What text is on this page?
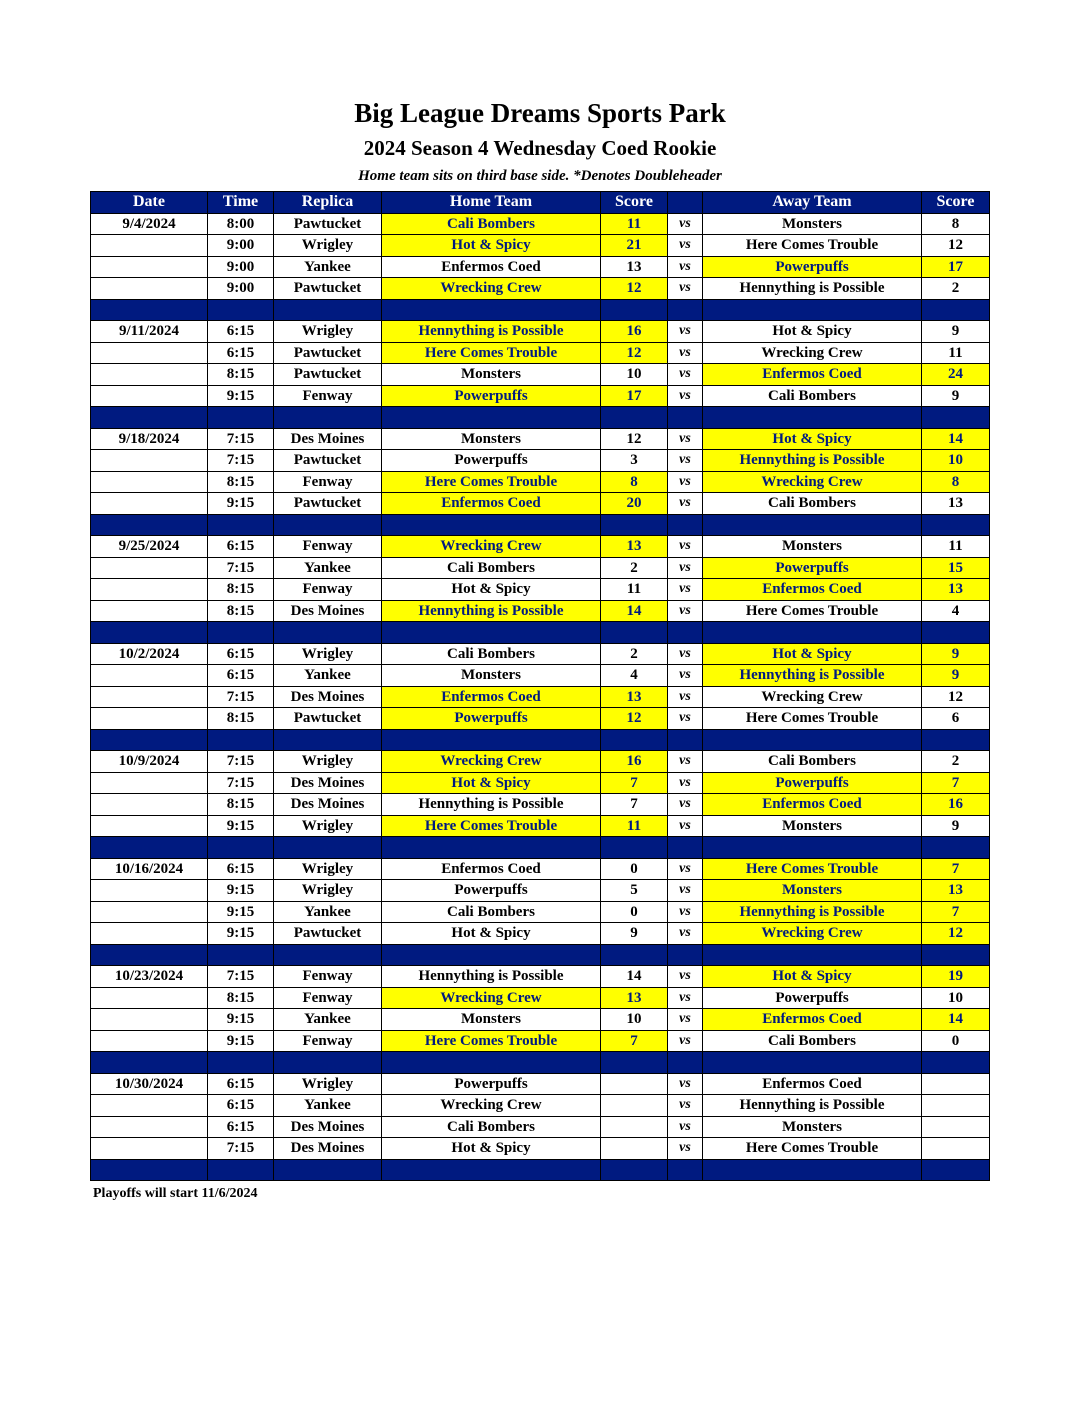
Big League Dreams Sports Park
2024 Season 4 Wednesday Coed Rookie
Home team sits on third base side. *Denotes Doubleheader
Date	Time	Replica	Home Team	Score		Away Team	Score
9/4/2024	8:00	Pawtucket	Cali Bombers	11	vs	Monsters	8
	9:00	Wrigley	Hot & Spicy	21	vs	Here Comes Trouble	12
	9:00	Yankee	Enfermos Coed	13	vs	Powerpuffs	17
	9:00	Pawtucket	Wrecking Crew	12	vs	Hennything is Possible	2

9/11/2024	6:15	Wrigley	Hennything is Possible	16	vs	Hot & Spicy	9
	6:15	Pawtucket	Here Comes Trouble	12	vs	Wrecking Crew	11
	8:15	Pawtucket	Monsters	10	vs	Enfermos Coed	24
	9:15	Fenway	Powerpuffs	17	vs	Cali Bombers	9

9/18/2024	7:15	Des Moines	Monsters	12	vs	Hot & Spicy	14
	7:15	Pawtucket	Powerpuffs	3	vs	Hennything is Possible	10
	8:15	Fenway	Here Comes Trouble	8	vs	Wrecking Crew	8
	9:15	Pawtucket	Enfermos Coed	20	vs	Cali Bombers	13

9/25/2024	6:15	Fenway	Wrecking Crew	13	vs	Monsters	11
	7:15	Yankee	Cali Bombers	2	vs	Powerpuffs	15
	8:15	Fenway	Hot & Spicy	11	vs	Enfermos Coed	13
	8:15	Des Moines	Hennything is Possible	14	vs	Here Comes Trouble	4

10/2/2024	6:15	Wrigley	Cali Bombers	2	vs	Hot & Spicy	9
	6:15	Yankee	Monsters	4	vs	Hennything is Possible	9
	7:15	Des Moines	Enfermos Coed	13	vs	Wrecking Crew	12
	8:15	Pawtucket	Powerpuffs	12	vs	Here Comes Trouble	6

10/9/2024	7:15	Wrigley	Wrecking Crew	16	vs	Cali Bombers	2
	7:15	Des Moines	Hot & Spicy	7	vs	Powerpuffs	7
	8:15	Des Moines	Hennything is Possible	7	vs	Enfermos Coed	16
	9:15	Wrigley	Here Comes Trouble	11	vs	Monsters	9

10/16/2024	6:15	Wrigley	Enfermos Coed	0	vs	Here Comes Trouble	7
	9:15	Wrigley	Powerpuffs	5	vs	Monsters	13
	9:15	Yankee	Cali Bombers	0	vs	Hennything is Possible	7
	9:15	Pawtucket	Hot & Spicy	9	vs	Wrecking Crew	12

10/23/2024	7:15	Fenway	Hennything is Possible	14	vs	Hot & Spicy	19
	8:15	Fenway	Wrecking Crew	13	vs	Powerpuffs	10
	9:15	Yankee	Monsters	10	vs	Enfermos Coed	14
	9:15	Fenway	Here Comes Trouble	7	vs	Cali Bombers	0

10/30/2024	6:15	Wrigley	Powerpuffs		vs	Enfermos Coed	
	6:15	Yankee	Wrecking Crew		vs	Hennything is Possible	
	6:15	Des Moines	Cali Bombers		vs	Monsters	
	7:15	Des Moines	Hot & Spicy		vs	Here Comes Trouble	

Playoffs will start 11/6/2024
